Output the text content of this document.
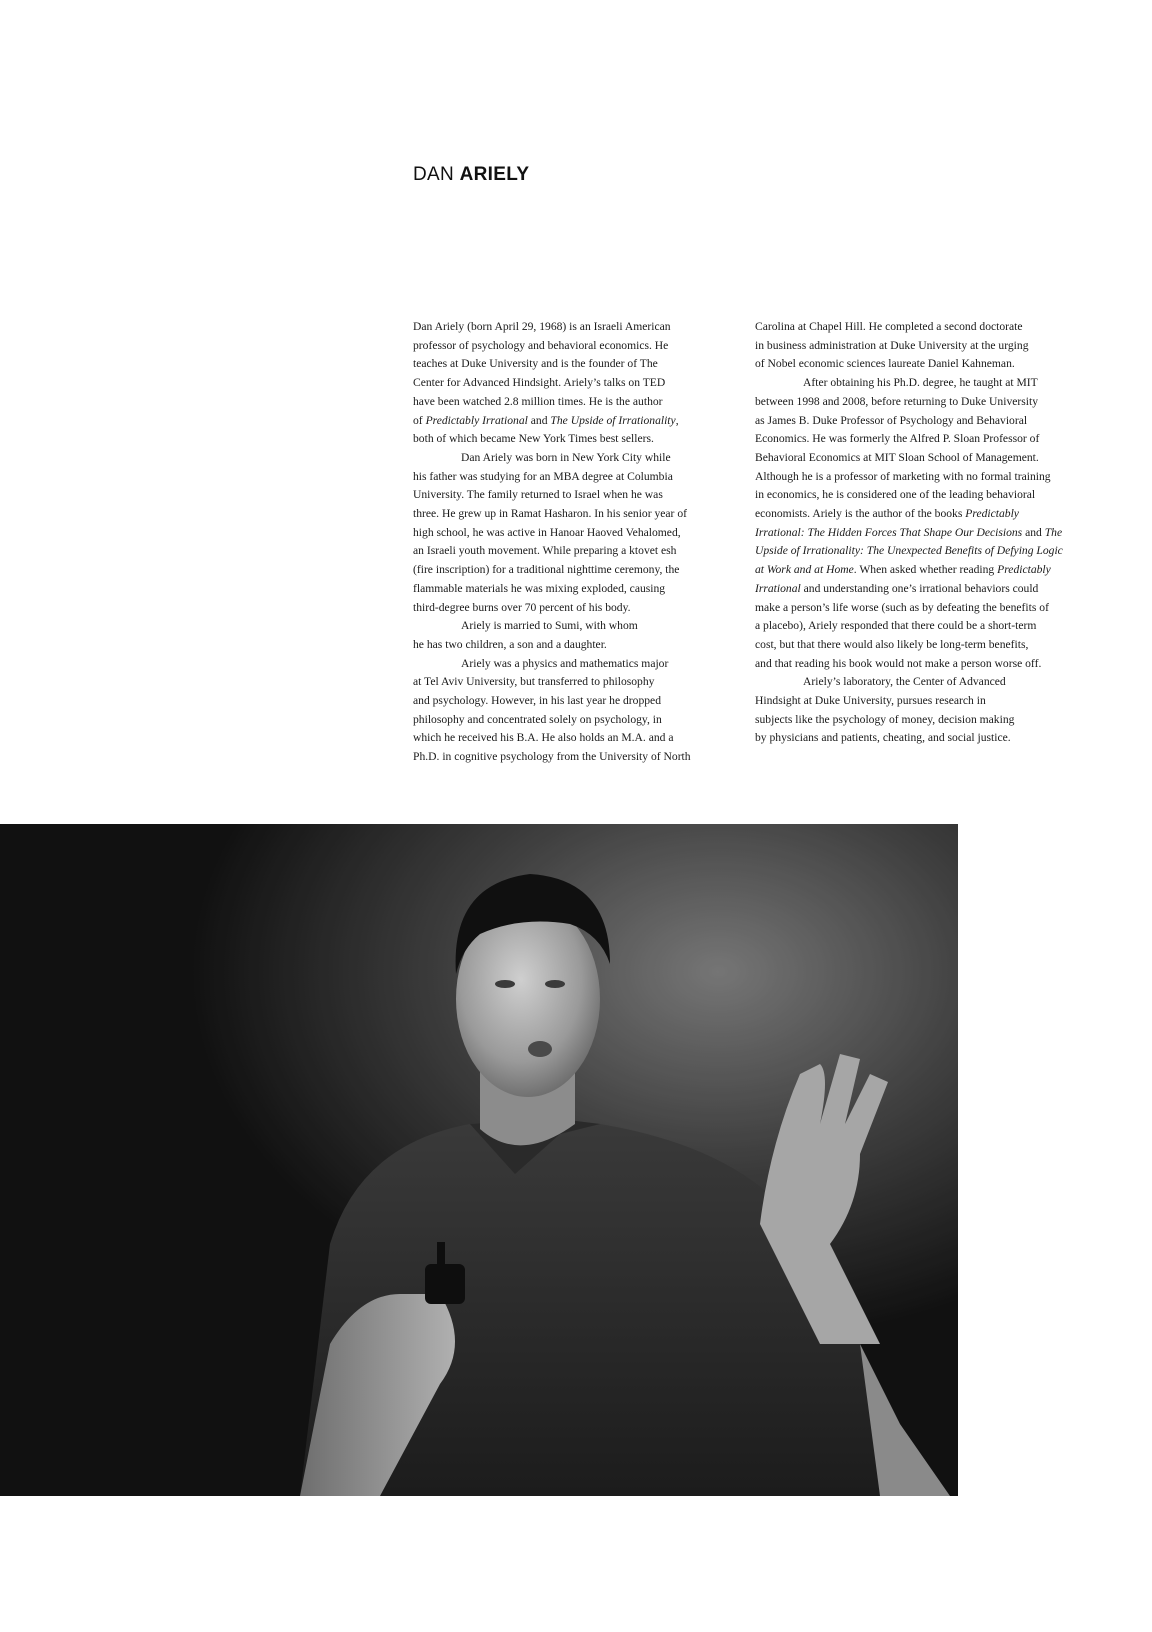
DAN ARIELY
Dan Ariely (born April 29, 1968) is an Israeli American
professor of psychology and behavioral economics. He
teaches at Duke University and is the founder of The
Center for Advanced Hindsight. Ariely’s talks on TED
have been watched 2.8 million times. He is the author
of Predictably Irrational and The Upside of Irrationality,
both of which became New York Times best sellers.
Dan Ariely was born in New York City while
his father was studying for an MBA degree at Columbia
University. The family returned to Israel when he was
three. He grew up in Ramat Hasharon. In his senior year of
high school, he was active in Hanoar Haoved Vehalomed,
an Israeli youth movement. While preparing a ktovet esh
(fire inscription) for a traditional nighttime ceremony, the
flammable materials he was mixing exploded, causing
third-degree burns over 70 percent of his body.
Ariely is married to Sumi, with whom
he has two children, a son and a daughter.
Ariely was a physics and mathematics major
at Tel Aviv University, but transferred to philosophy
and psychology. However, in his last year he dropped
philosophy and concentrated solely on psychology, in
which he received his B.A. He also holds an M.A. and a
Ph.D. in cognitive psychology from the University of North
Carolina at Chapel Hill. He completed a second doctorate
in business administration at Duke University at the urging
of Nobel economic sciences laureate Daniel Kahneman.
After obtaining his Ph.D. degree, he taught at MIT
between 1998 and 2008, before returning to Duke University
as James B. Duke Professor of Psychology and Behavioral
Economics. He was formerly the Alfred P. Sloan Professor of
Behavioral Economics at MIT Sloan School of Management.
Although he is a professor of marketing with no formal training
in economics, he is considered one of the leading behavioral
economists. Ariely is the author of the books Predictably
Irrational: The Hidden Forces That Shape Our Decisions and The
Upside of Irrationality: The Unexpected Benefits of Defying Logic
at Work and at Home. When asked whether reading Predictably
Irrational and understanding one’s irrational behaviors could
make a person’s life worse (such as by defeating the benefits of
a placebo), Ariely responded that there could be a short-term
cost, but that there would also likely be long-term benefits,
and that reading his book would not make a person worse off.
Ariely’s laboratory, the Center of Advanced
Hindsight at Duke University, pursues research in
subjects like the psychology of money, decision making
by physicians and patients, cheating, and social justice.
